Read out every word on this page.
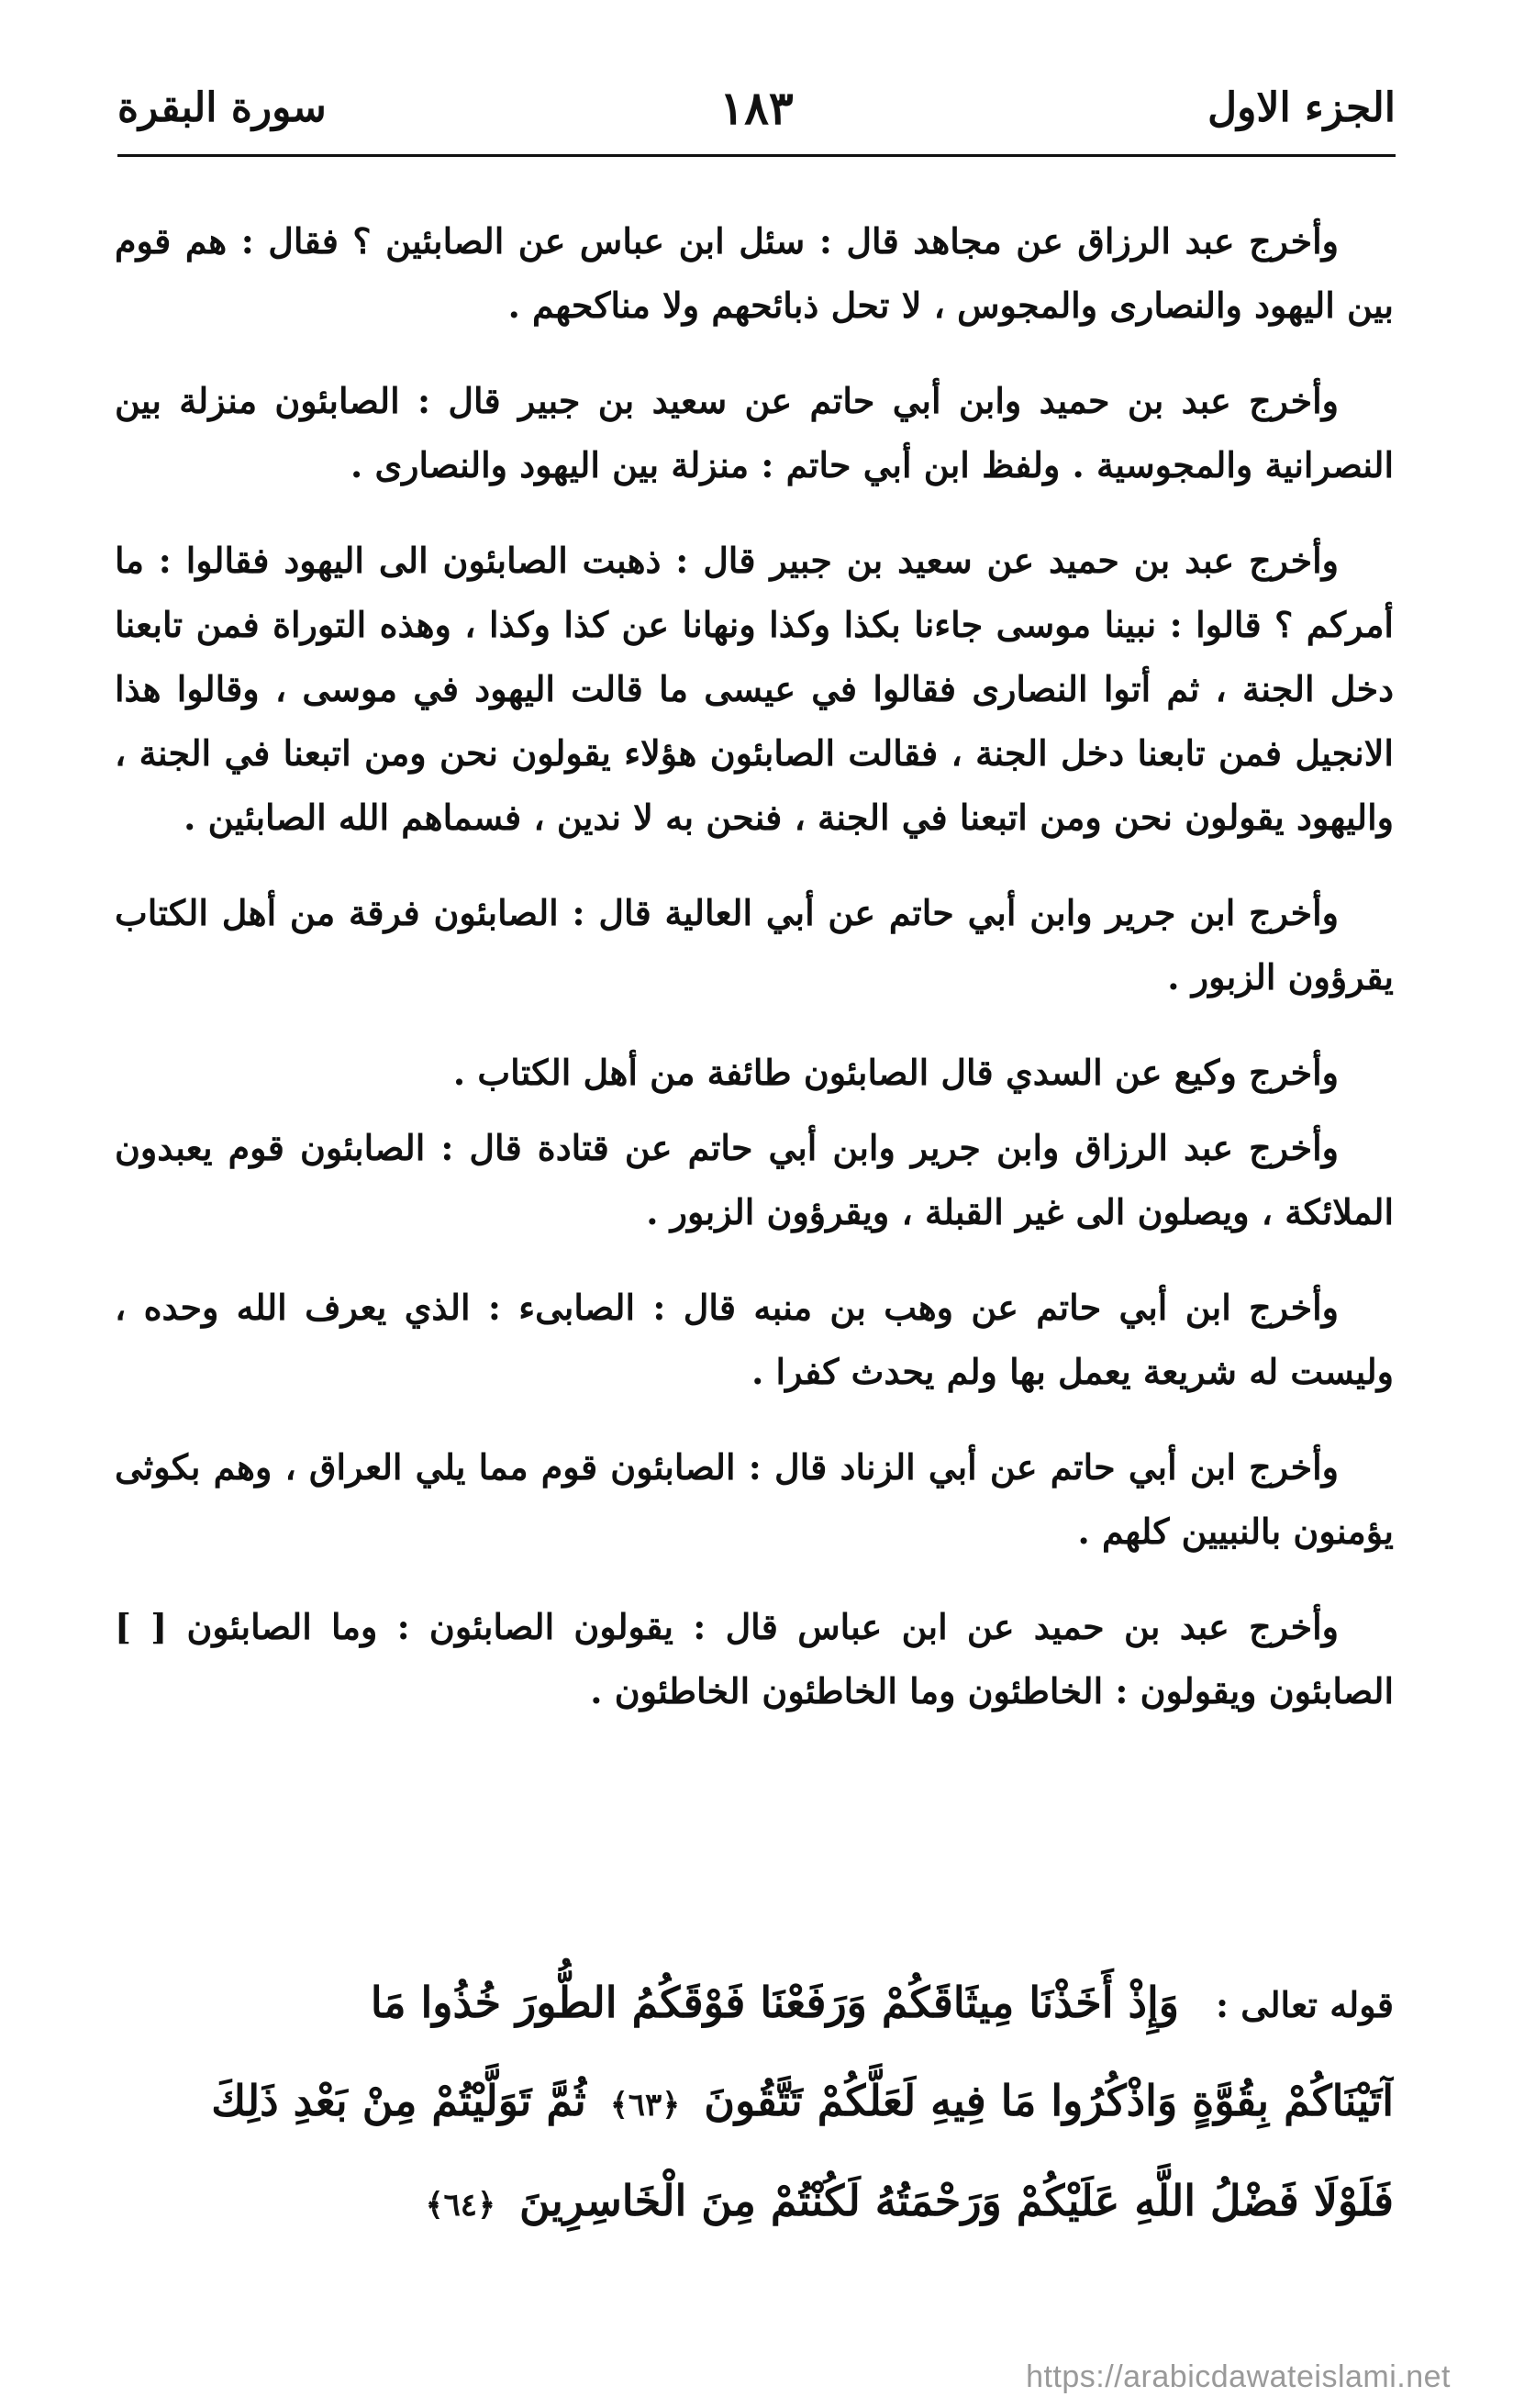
الجزء الاول
١٨٣
سورة البقرة

وأخرج عبد الرزاق عن مجاهد قال : سئل ابن عباس عن الصابئين ؟ فقال : هم قوم بين اليهود والنصارى والمجوس ، لا تحل ذبائحهم ولا مناكحهم .

وأخرج عبد بن حميد وابن أبي حاتم عن سعيد بن جبير قال : الصابئون منزلة بين النصرانية والمجوسية . ولفظ ابن أبي حاتم : منزلة بين اليهود والنصارى .

وأخرج عبد بن حميد عن سعيد بن جبير قال : ذهبت الصابئون الى اليهود فقالوا : ما أمركم ؟ قالوا : نبينا موسى جاءنا بكذا وكذا ونهانا عن كذا وكذا ، وهذه التوراة فمن تابعنا دخل الجنة ، ثم أتوا النصارى فقالوا في عيسى ما قالت اليهود في موسى ، وقالوا هذا الانجيل فمن تابعنا دخل الجنة ، فقالت الصابئون هؤلاء يقولون نحن ومن اتبعنا في الجنة ، واليهود يقولون نحن ومن اتبعنا في الجنة ، فنحن به لا ندين ، فسماهم الله الصابئين .

وأخرج ابن جرير وابن أبي حاتم عن أبي العالية قال : الصابئون فرقة من أهل الكتاب يقرؤون الزبور .

وأخرج وكيع عن السدي قال الصابئون طائفة من أهل الكتاب .

وأخرج عبد الرزاق وابن جرير وابن أبي حاتم عن قتادة قال : الصابئون قوم يعبدون الملائكة ، ويصلون الى غير القبلة ، ويقرؤون الزبور .

وأخرج ابن أبي حاتم عن وهب بن منبه قال : الصابىء : الذي يعرف الله وحده ، وليست له شريعة يعمل بها ولم يحدث كفرا .

وأخرج ابن أبي حاتم عن أبي الزناد قال : الصابئون قوم مما يلي العراق ، وهم بكوثى يؤمنون بالنبيين كلهم .

وأخرج عبد بن حميد عن ابن عباس قال : يقولون الصابئون : وما الصابئون [ ] الصابئون ويقولون : الخاطئون وما الخاطئون الخاطئون .

قوله تعالى : وَإِذْ أَخَذْنَا مِيثَاقَكُمْ وَرَفَعْنَا فَوْقَكُمُ الطُّورَ خُذُوا مَا
آتَيْنَاكُمْ بِقُوَّةٍ وَاذْكُرُوا مَا فِيهِ لَعَلَّكُمْ تَتَّقُونَ ﴿٦٣﴾ ثُمَّ تَوَلَّيْتُمْ مِنْ بَعْدِ ذَلِكَ
فَلَوْلَا فَضْلُ اللَّهِ عَلَيْكُمْ وَرَحْمَتُهُ لَكُنْتُمْ مِنَ الْخَاسِرِينَ ﴿٦٤﴾
https://arabicdawateislami.net
